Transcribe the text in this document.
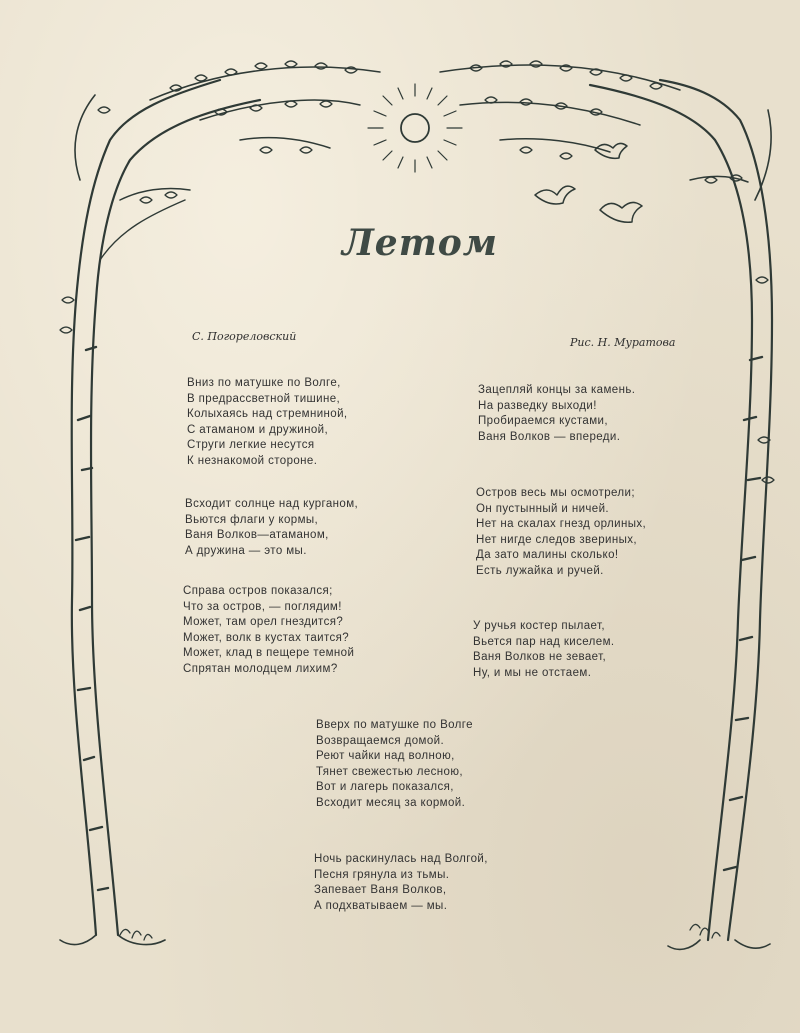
Летом
С. Погореловский	Рис. Н. Муратова
Вниз по матушке по Волге,
В предрассветной тишине,
Колыхаясь над стремниной,
С атаманом и дружиной,
Струги легкие несутся
К незнакомой стороне.
Зацепляй концы за камень.
На разведку выходи!
Пробираемся кустами,
Ваня Волков — впереди.
Всходит солнце над курганом,
Вьются флаги у кормы,
Ваня Волков—атаманом,
А дружина — это мы.
Остров весь мы осмотрели;
Он пустынный и ничей.
Нет на скалах гнезд орлиных,
Нет нигде следов звериных,
Да зато малины сколько!
Есть лужайка и ручей.
Справа остров показался;
Что за остров, — поглядим!
Может, там орел гнездится?
Может, волк в кустах таится?
Может, клад в пещере темной
Спрятан молодцем лихим?
У ручья костер пылает,
Вьется пар над киселем.
Ваня Волков не зевает,
Ну, и мы не отстаем.
Вверх по матушке по Волге
Возвращаемся домой.
Реют чайки над волною,
Тянет свежестью лесною,
Вот и лагерь показался,
Всходит месяц за кормой.
Ночь раскинулась над Волгой,
Песня грянула из тьмы.
Запевает Ваня Волков,
А подхватываем — мы.
